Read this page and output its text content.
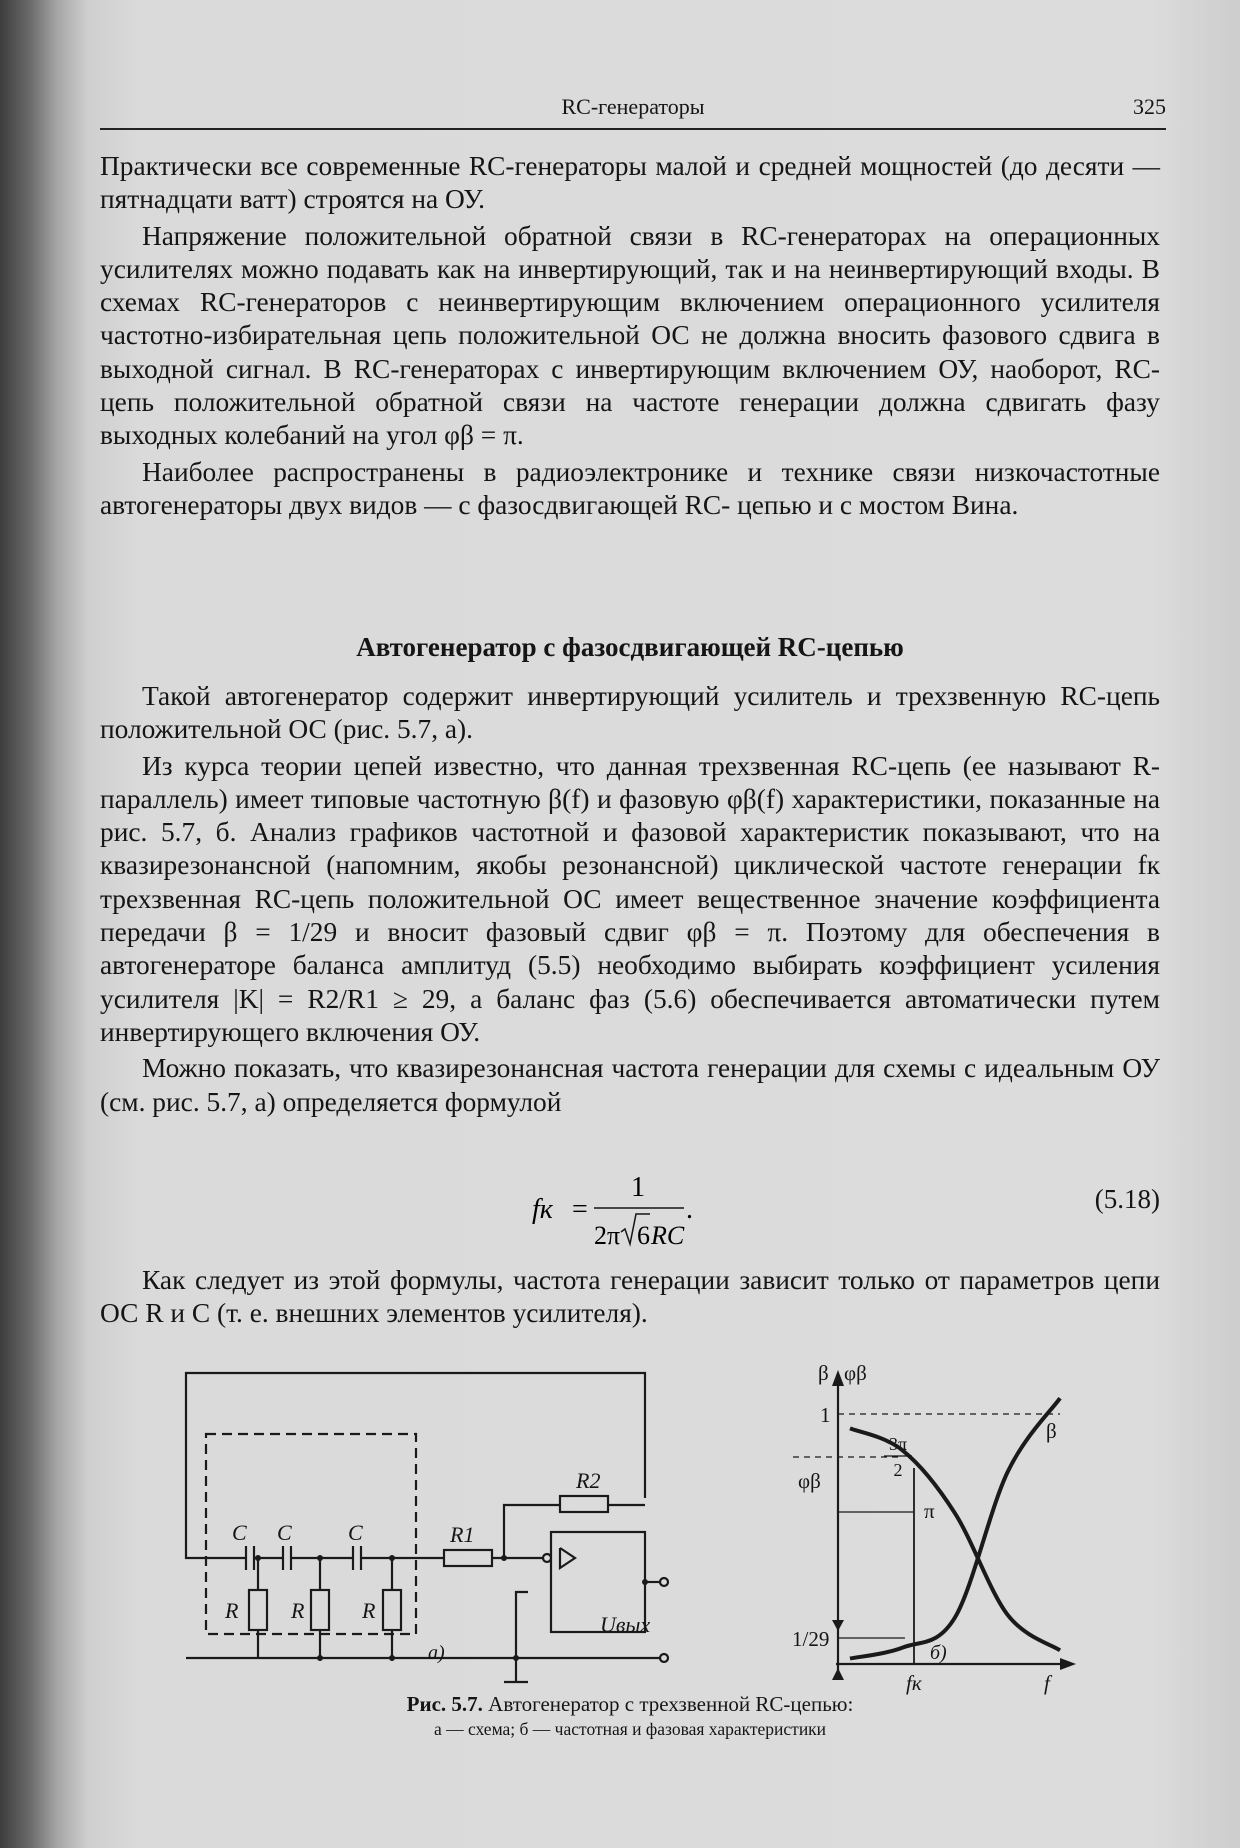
RC-генераторы	325

Практически все современные RC-генераторы малой и средней мощностей (до десяти — пятнадцати ватт) строятся на ОУ.

Напряжение положительной обратной связи в RC-генераторах на операционных усилителях можно подавать как на инвертирующий, так и на неинвертирующий входы. В схемах RC-генераторов с неинвертирующим включением операционного усилителя частотно-избирательная цепь положительной ОС не должна вносить фазового сдвига в выходной сигнал. В RC-генераторах с инвертирующим включением ОУ, наоборот, RC-цепь положительной обратной связи на частоте генерации должна сдвигать фазу выходных колебаний на угол φβ = π.

Наиболее распространены в радиоэлектронике и технике связи низкочастотные автогенераторы двух видов — с фазосдвигающей RC- цепью и с мостом Вина.

Автогенератор с фазосдвигающей RC-цепью

Такой автогенератор содержит инвертирующий усилитель и трехзвенную RC-цепь положительной ОС (рис. 5.7, а).

Из курса теории цепей известно, что данная трехзвенная RC-цепь (ее называют R-параллель) имеет типовые частотную β(f) и фазовую φβ(f) характеристики, показанные на рис. 5.7, б. Анализ графиков частотной и фазовой характеристик показывают, что на квазирезонансной (напомним, якобы резонансной) циклической частоте генерации fк трехзвенная RC-цепь положительной ОС имеет вещественное значение коэффициента передачи β = 1/29 и вносит фазовый сдвиг φβ = π. Поэтому для обеспечения в автогенераторе баланса амплитуд (5.5) необходимо выбирать коэффициент усиления усилителя |K| = R2/R1 ≥ 29, а баланс фаз (5.6) обеспечивается автоматически путем инвертирующего включения ОУ.

Можно показать, что квазирезонансная частота генерации для схемы с идеальным ОУ (см. рис. 5.7, а) определяется формулой

fк =
1
2π 6 RC
.	(5.18)

Как следует из этой формулы, частота генерации зависит только от параметров цепи ОС R и C (т. е. внешних элементов усилителя).

C C	C
R R	R
R1
R2
Uвых
β φβ
1
3π
2
π
1/29
fк	f
β
φβ
а)	б)
Рис. 5.7. Автогенератор с трехзвенной RC-цепью:
а — схема; б — частотная и фазовая характеристики
